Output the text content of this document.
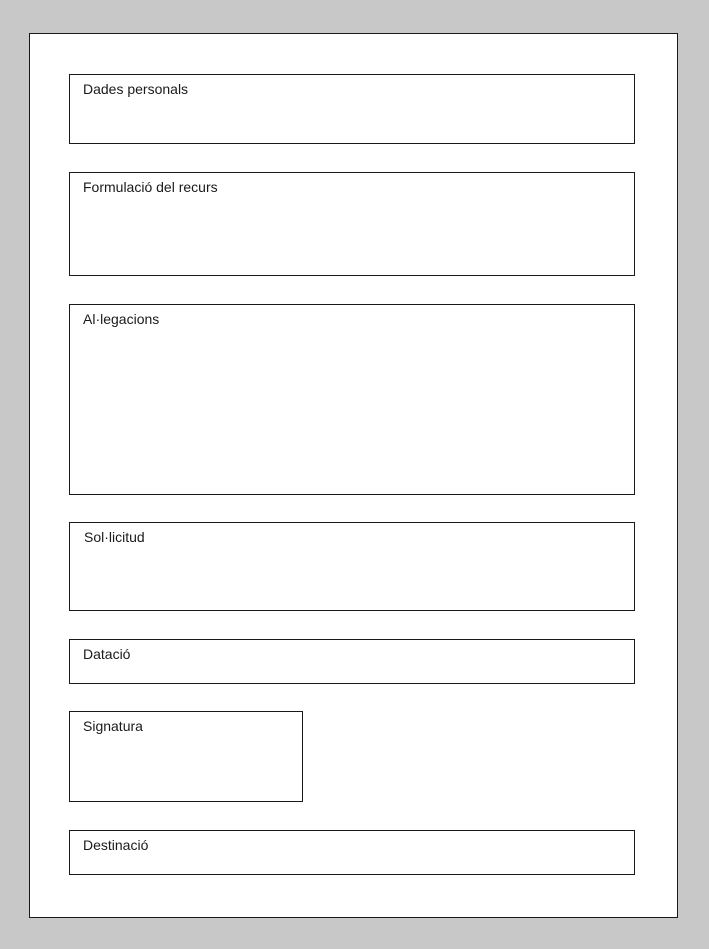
Dades personals
Formulació del recurs
Al·legacions
Sol·licitud
Datació
Signatura
Destinació
